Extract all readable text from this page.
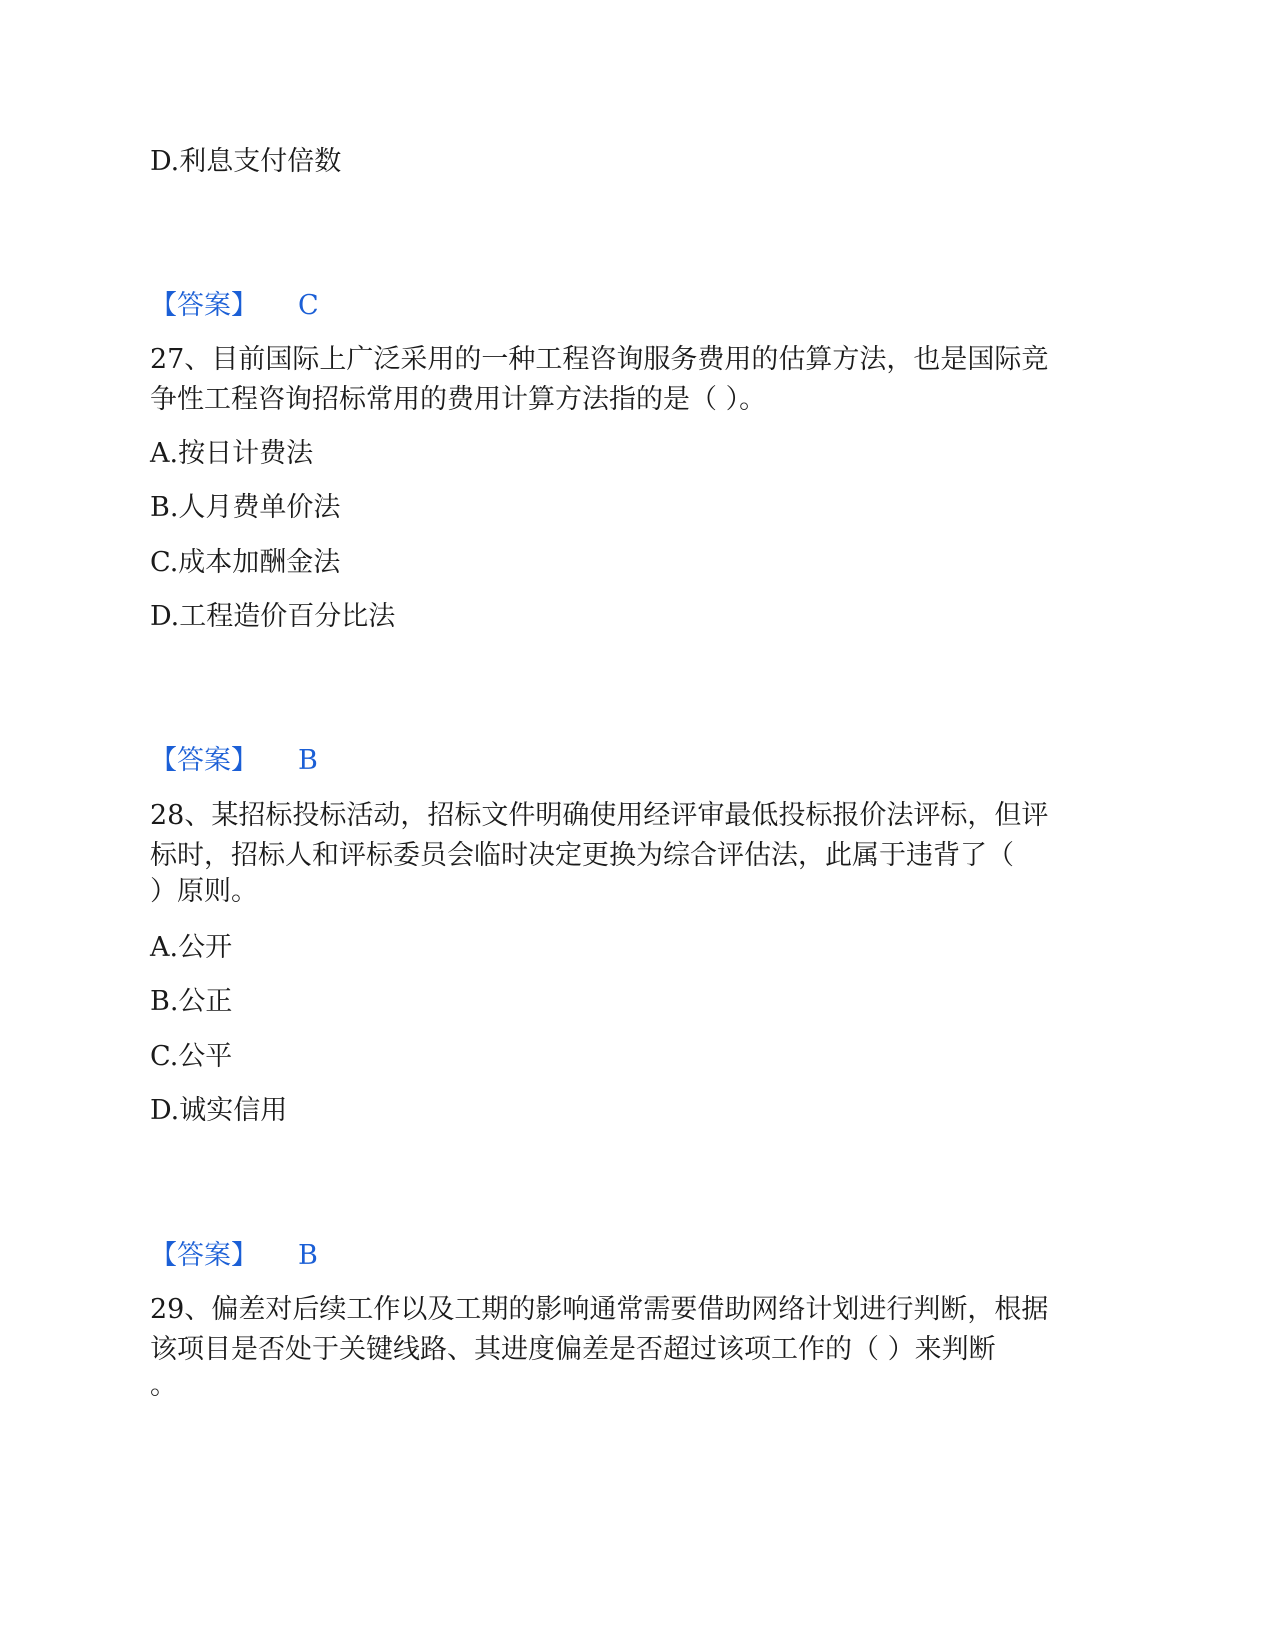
D.利息支付倍数
【答案】 C
27、目前国际上广泛采用的一种工程咨询服务费用的估算方法，也是国际竞
争性工程咨询招标常用的费用计算方法指的是（ ）。
A.按日计费法
B.人月费单价法
C.成本加酬金法
D.工程造价百分比法
【答案】 B
28、某招标投标活动，招标文件明确使用经评审最低投标报价法评标，但评
标时，招标人和评标委员会临时决定更换为综合评估法，此属于违背了（
）原则。
A.公开
B.公正
C.公平
D.诚实信用
【答案】 B
29、偏差对后续工作以及工期的影响通常需要借助网络计划进行判断，根据
该项目是否处于关键线路、其进度偏差是否超过该项工作的（ ）来判断
。
